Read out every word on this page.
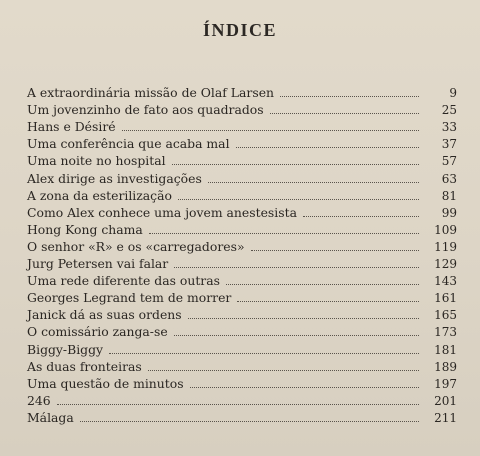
ÍNDICE
A extraordinária missão de Olaf Larsen	9
Um jovenzinho de fato aos quadrados	25
Hans e Désiré	33
Uma conferência que acaba mal	37
Uma noite no hospital	57
Alex dirige as investigações	63
A zona da esterilização	81
Como Alex conhece uma jovem anestesista	99
Hong Kong chama	109
O senhor «R» e os «carregadores»	119
Jurg Petersen vai falar	129
Uma rede diferente das outras	143
Georges Legrand tem de morrer	161
Janick dá as suas ordens	165
O comissário zanga-se	173
Biggy-Biggy	181
As duas fronteiras	189
Uma questão de minutos	197
246	201
Málaga	211
